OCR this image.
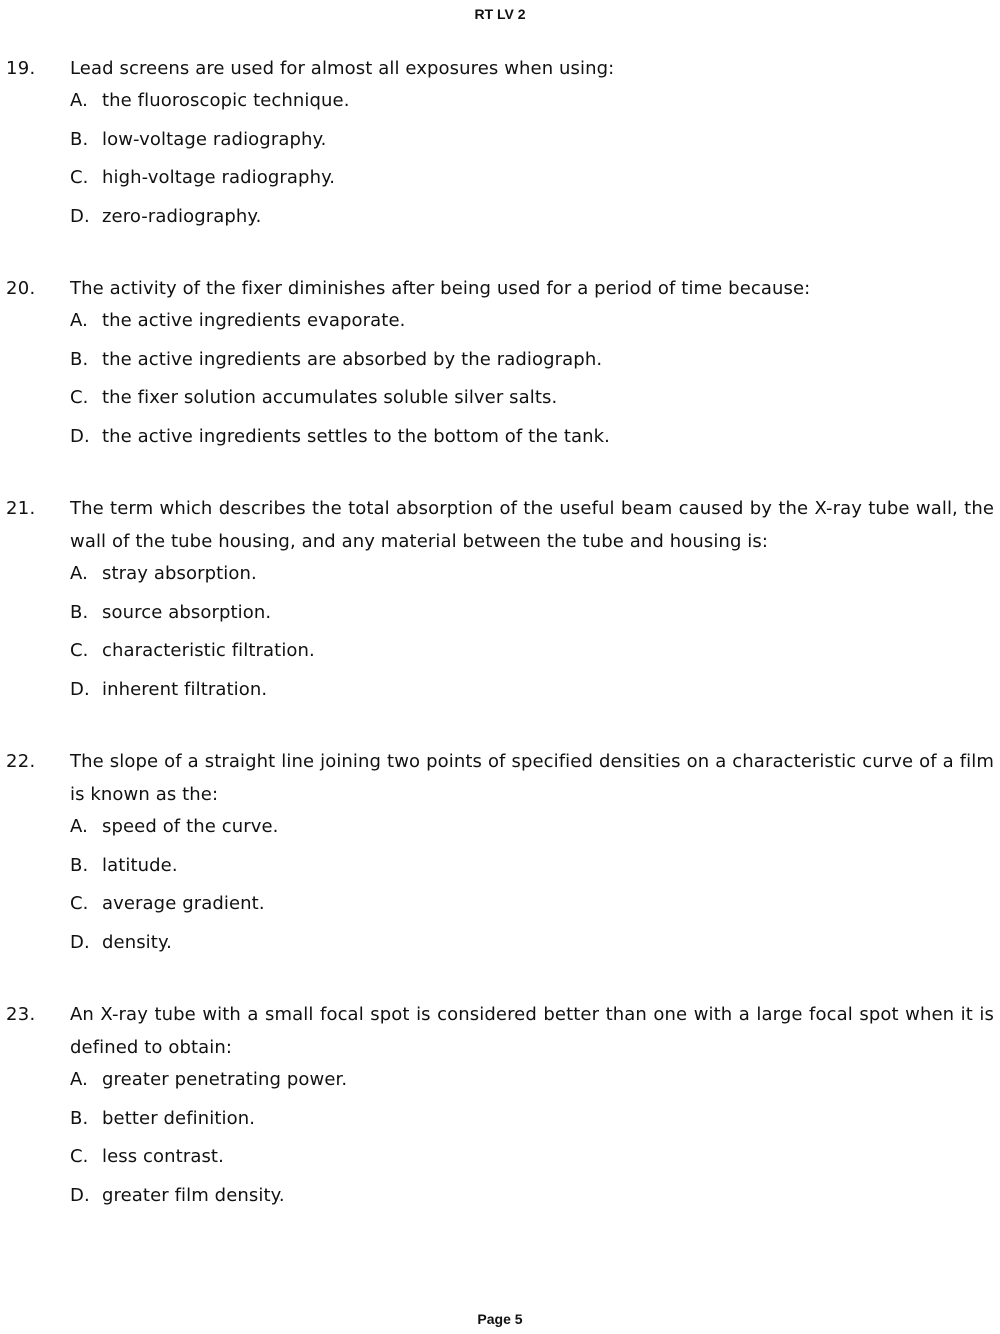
RT LV 2
19. Lead screens are used for almost all exposures when using:
A. the fluoroscopic technique.
B. low-voltage radiography.
C. high-voltage radiography.
D. zero-radiography.
20. The activity of the fixer diminishes after being used for a period of time because:
A. the active ingredients evaporate.
B. the active ingredients are absorbed by the radiograph.
C. the fixer solution accumulates soluble silver salts.
D. the active ingredients settles to the bottom of the tank.
21. The term which describes the total absorption of the useful beam caused by the X-ray tube wall, the wall of the tube housing, and any material between the tube and housing is:
A. stray absorption.
B. source absorption.
C. characteristic filtration.
D. inherent filtration.
22. The slope of a straight line joining two points of specified densities on a characteristic curve of a film is known as the:
A. speed of the curve.
B. latitude.
C. average gradient.
D. density.
23. An X-ray tube with a small focal spot is considered better than one with a large focal spot when it is defined to obtain:
A. greater penetrating power.
B. better definition.
C. less contrast.
D. greater film density.
Page 5
